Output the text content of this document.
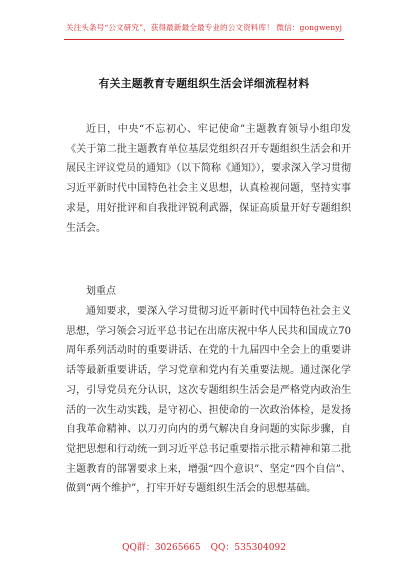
关注头条号“公文研究”，获得最新最全最专业的公文资料库！ 微信：gongwenyj
有关主题教育专题组织生活会详细流程材料

近日，中央“不忘初心、牢记使命”主题教育领导小组印发《关于第二批主题教育单位基层党组织召开专题组织生活会和开展民主评议党员的通知》（以下简称《通知》），要求深入学习贯彻习近平新时代中国特色社会主义思想，认真检视问题，坚持实事求是，用好批评和自我批评锐利武器，保证高质量开好专题组织生活会。

划重点

通知要求，要深入学习贯彻习近平新时代中国特色社会主义思想，学习领会习近平总书记在出席庆祝中华人民共和国成立70周年系列活动时的重要讲话、在党的十九届四中全会上的重要讲话等最新重要讲话，学习党章和党内有关重要法规。通过深化学习，引导党员充分认识，这次专题组织生活会是严格党内政治生活的一次生动实践，是守初心、担使命的一次政治体检，是发扬自我革命精神、以刀刃向内的勇气解决自身问题的实际步骤，自觉把思想和行动统一到习近平总书记重要指示批示精神和第二批主题教育的部署要求上来，增强“四个意识”、坚定“四个自信”、做到“两个维护”，打牢开好专题组织生活会的思想基础。

QQ群：30265665 QQ：535304092
